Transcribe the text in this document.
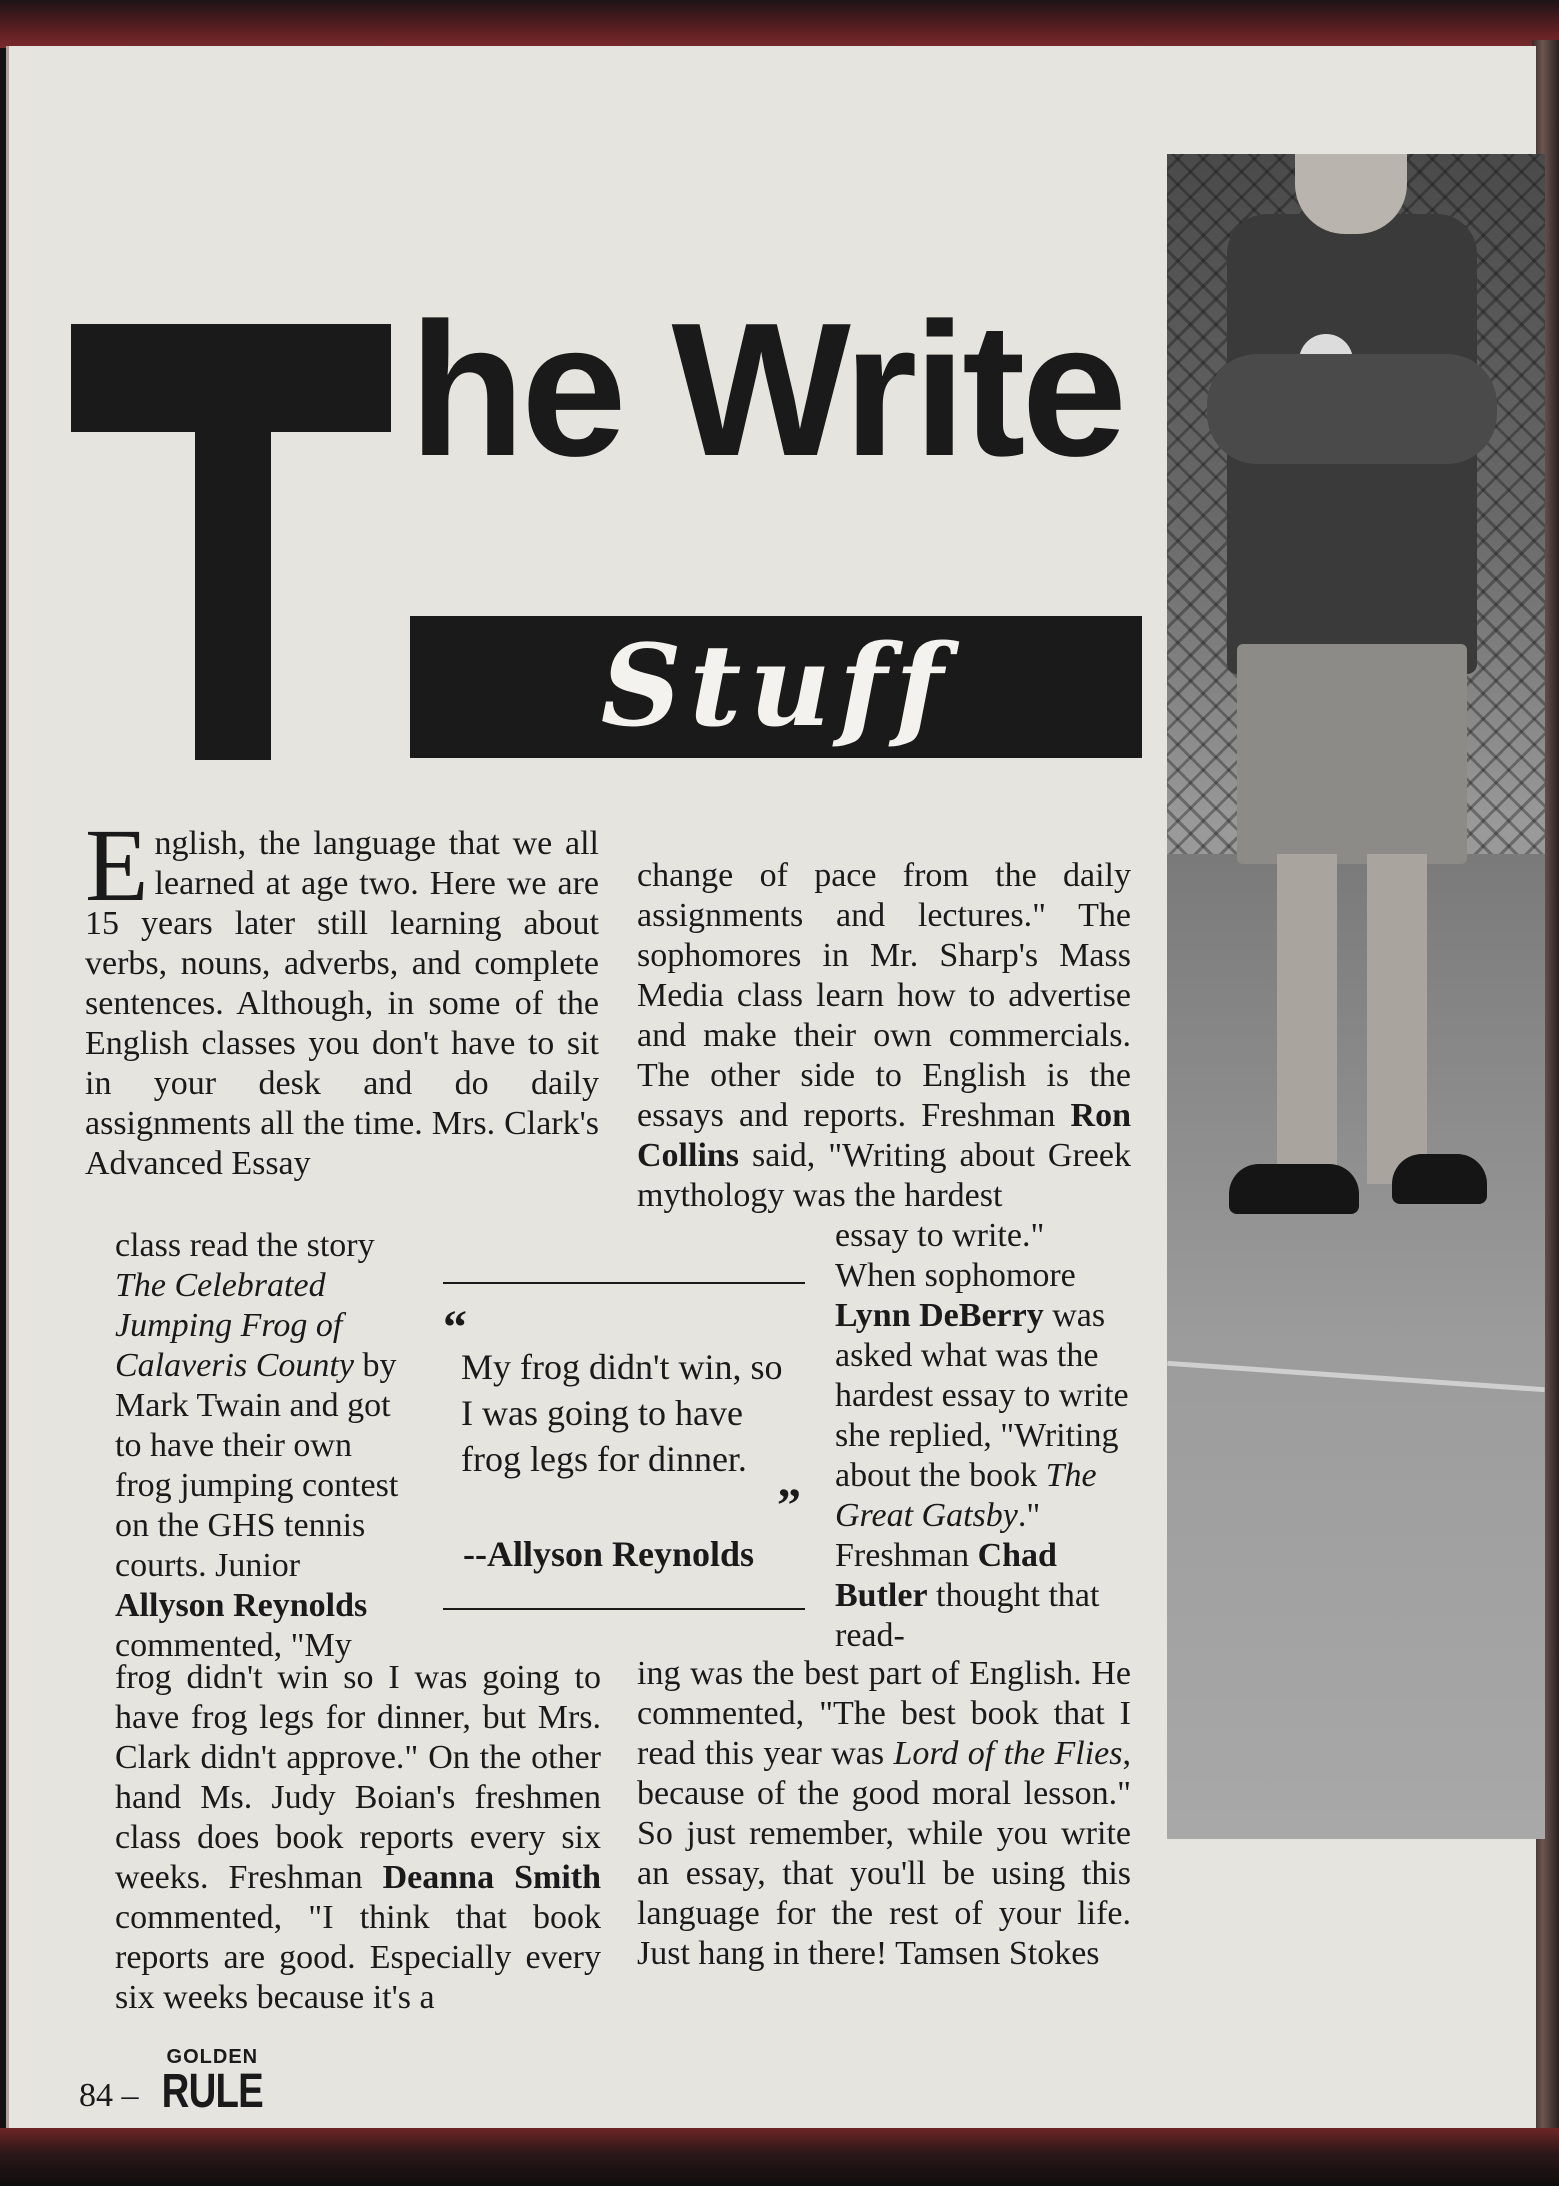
he Write
Stuff

English, the language that we all learned at age two. Here we are 15 years later still learning about verbs, nouns, adverbs, and complete sentences. Although, in some of the English classes you don't have to sit in your desk and do daily assignments all the time. Mrs. Clark's Advanced Essay

class read the story The Celebrated Jumping Frog of Calaveris County by Mark Twain and got to have their own frog jumping contest on the GHS tennis courts. Junior Allyson Reynolds commented, "My

frog didn't win so I was going to have frog legs for dinner, but Mrs. Clark didn't approve." On the other hand Ms. Judy Boian's freshmen class does book reports every six weeks. Freshman Deanna Smith commented, "I think that book reports are good. Especially every six weeks because it's a

change of pace from the daily assignments and lectures." The sophomores in Mr. Sharp's Mass Media class learn how to advertise and make their own commercials. The other side to English is the essays and reports. Freshman Ron Collins said, "Writing about Greek mythology was the hardest

essay to write." When sophomore Lynn DeBerry was asked what was the hardest essay to write she replied, "Writing about the book The Great Gatsby." Freshman Chad Butler thought that read-

ing was the best part of English. He commented, "The best book that I read this year was Lord of the Flies, because of the good moral lesson." So just remember, while you write an essay, that you'll be using this language for the rest of your life. Just hang in there! Tamsen Stokes

“
My frog didn't win, so I was going to have frog legs for dinner.
”
--Allyson Reynolds
84 –
GOLDEN
RULE
